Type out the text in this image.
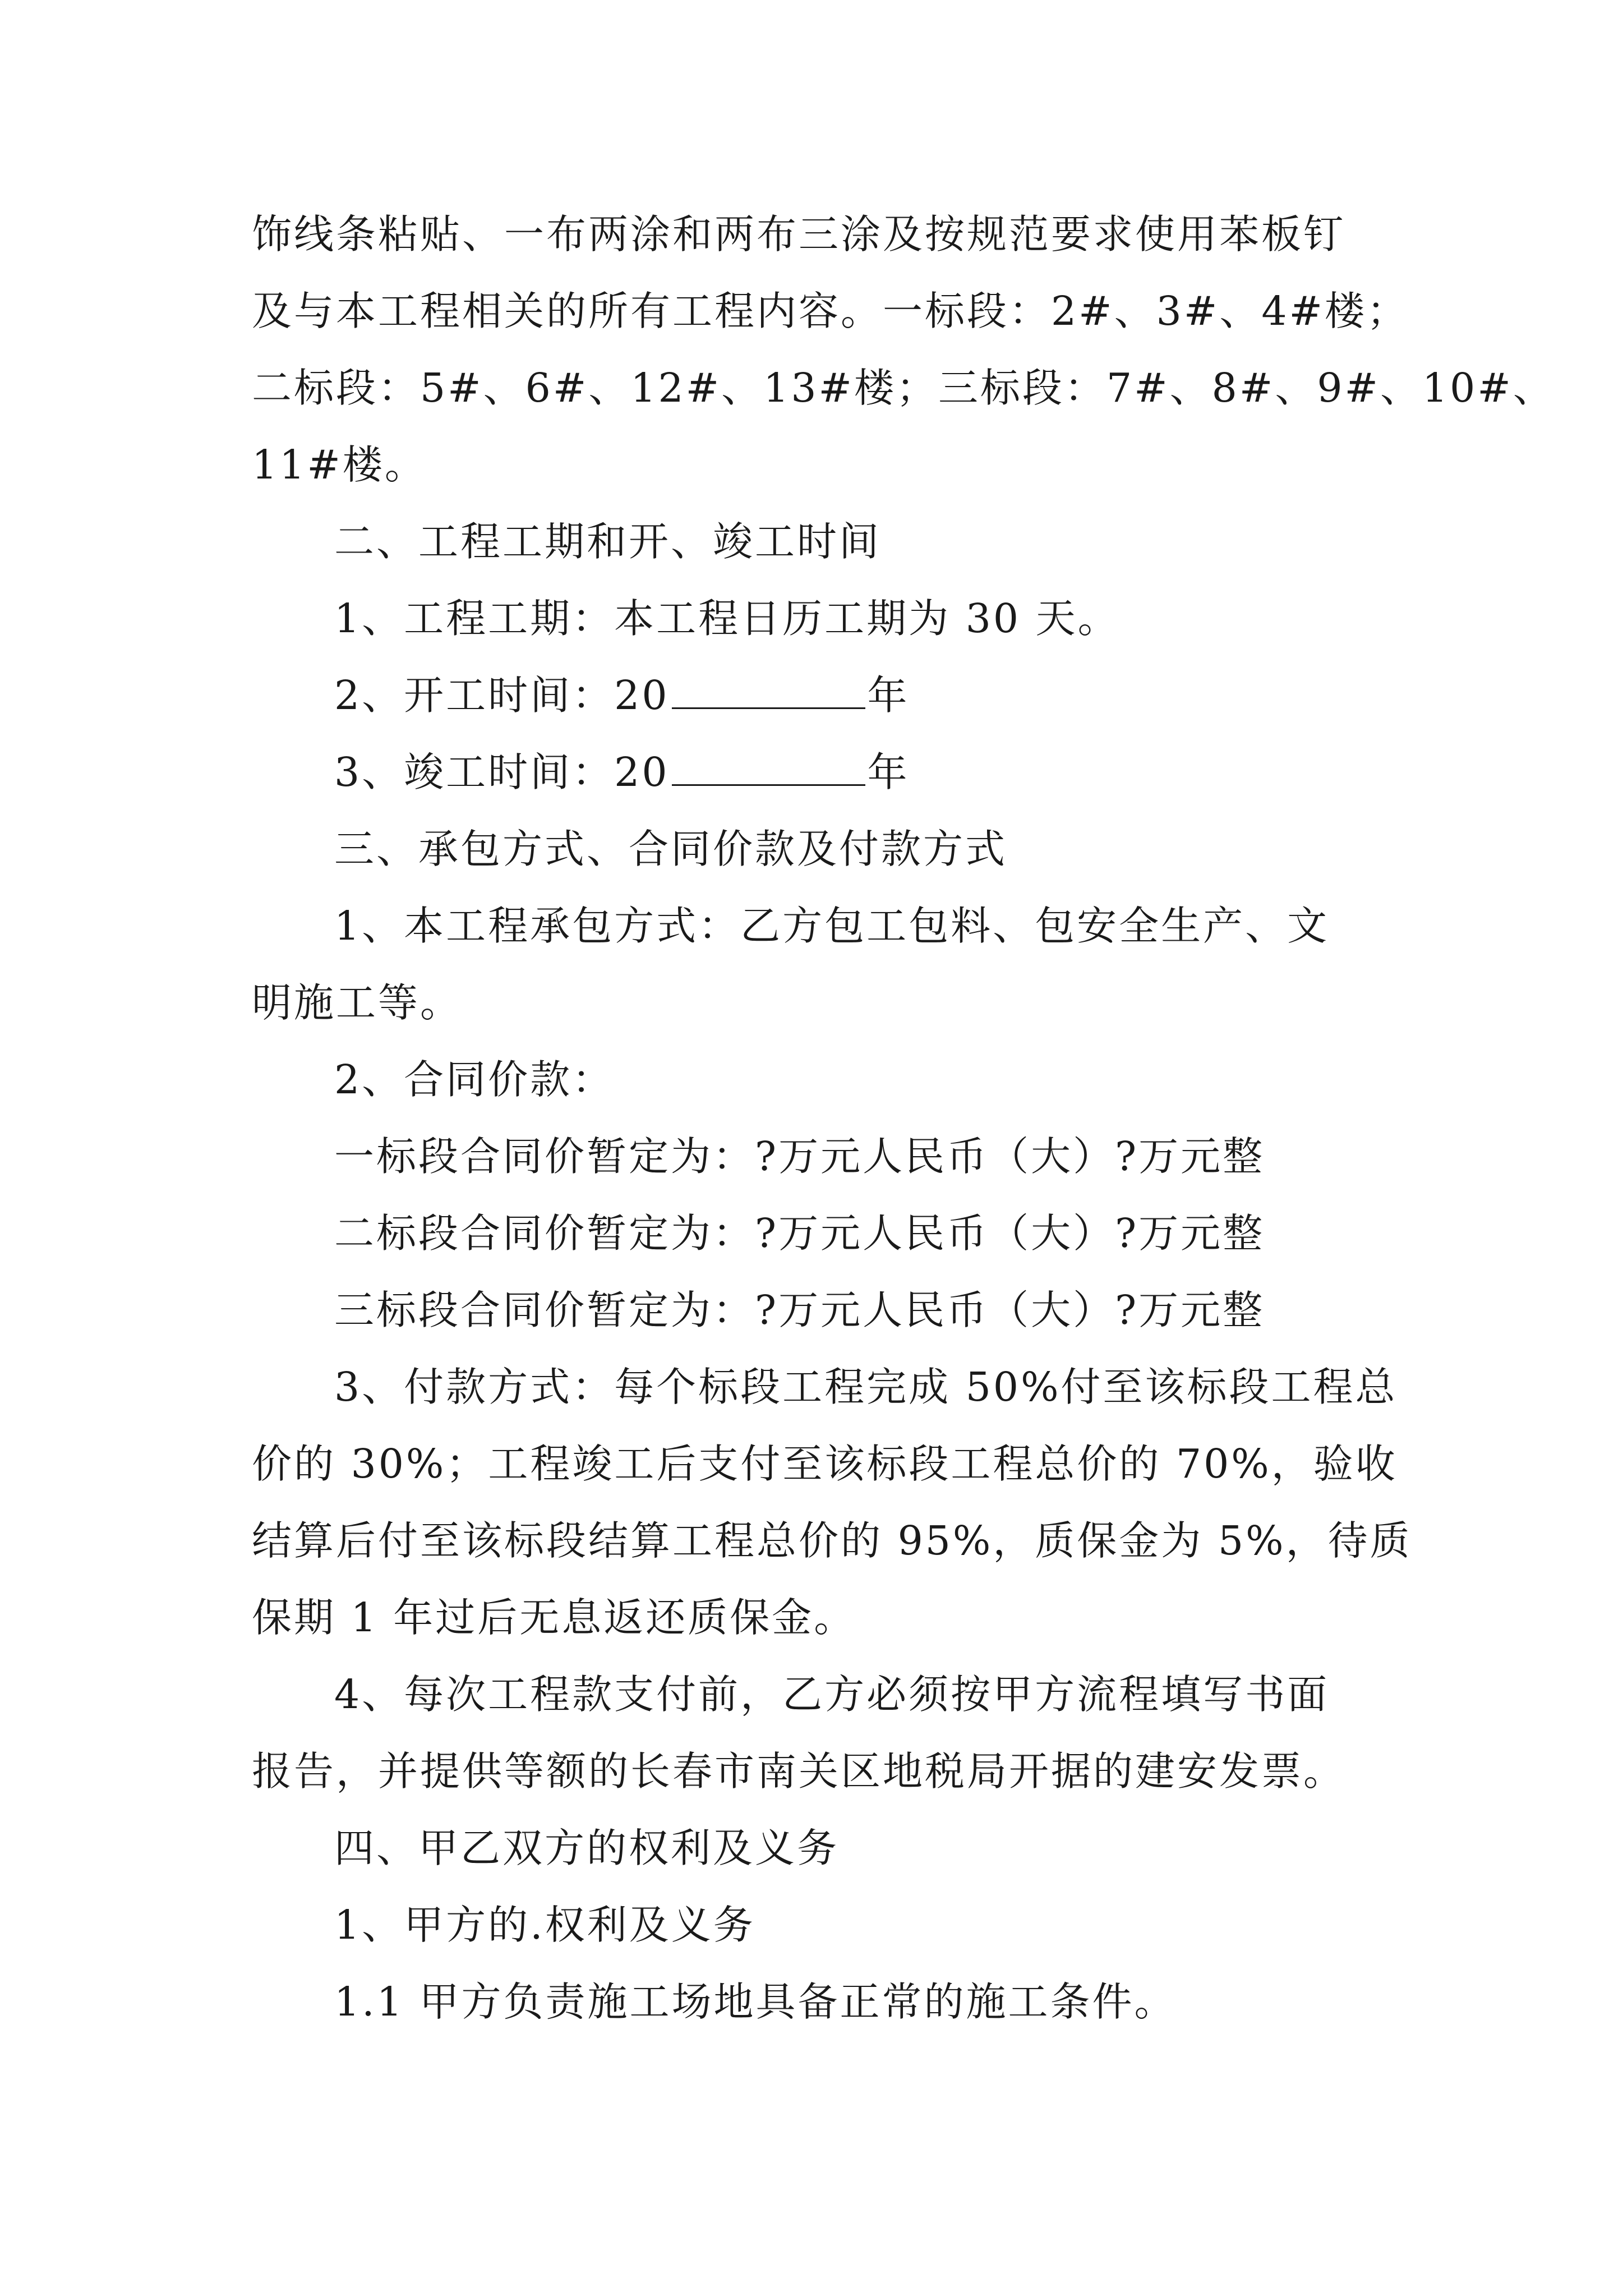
饰线条粘贴、一布两涂和两布三涂及按规范要求使用苯板钉
及与本工程相关的所有工程内容。一标段：2#、3#、4#楼；
二标段：5#、6#、12#、13#楼；三标段：7#、8#、9#、10#、
11#楼。
二、工程工期和开、竣工时间
1、工程工期：本工程日历工期为 30 天。
2、开工时间：20	年
3、竣工时间：20	年
三、承包方式、合同价款及付款方式
1、本工程承包方式：乙方包工包料、包安全生产、文
明施工等。
2、合同价款：
一标段合同价暂定为：?万元人民币（大）?万元整
二标段合同价暂定为：?万元人民币（大）?万元整
三标段合同价暂定为：?万元人民币（大）?万元整
3、付款方式：每个标段工程完成 50%付至该标段工程总
价的 30%；工程竣工后支付至该标段工程总价的 70%，验收
结算后付至该标段结算工程总价的 95%，质保金为 5%，待质
保期 1 年过后无息返还质保金。
4、每次工程款支付前，乙方必须按甲方流程填写书面
报告，并提供等额的长春市南关区地税局开据的建安发票。
四、甲乙双方的权利及义务
1、甲方的.权利及义务
1.1 甲方负责施工场地具备正常的施工条件。
